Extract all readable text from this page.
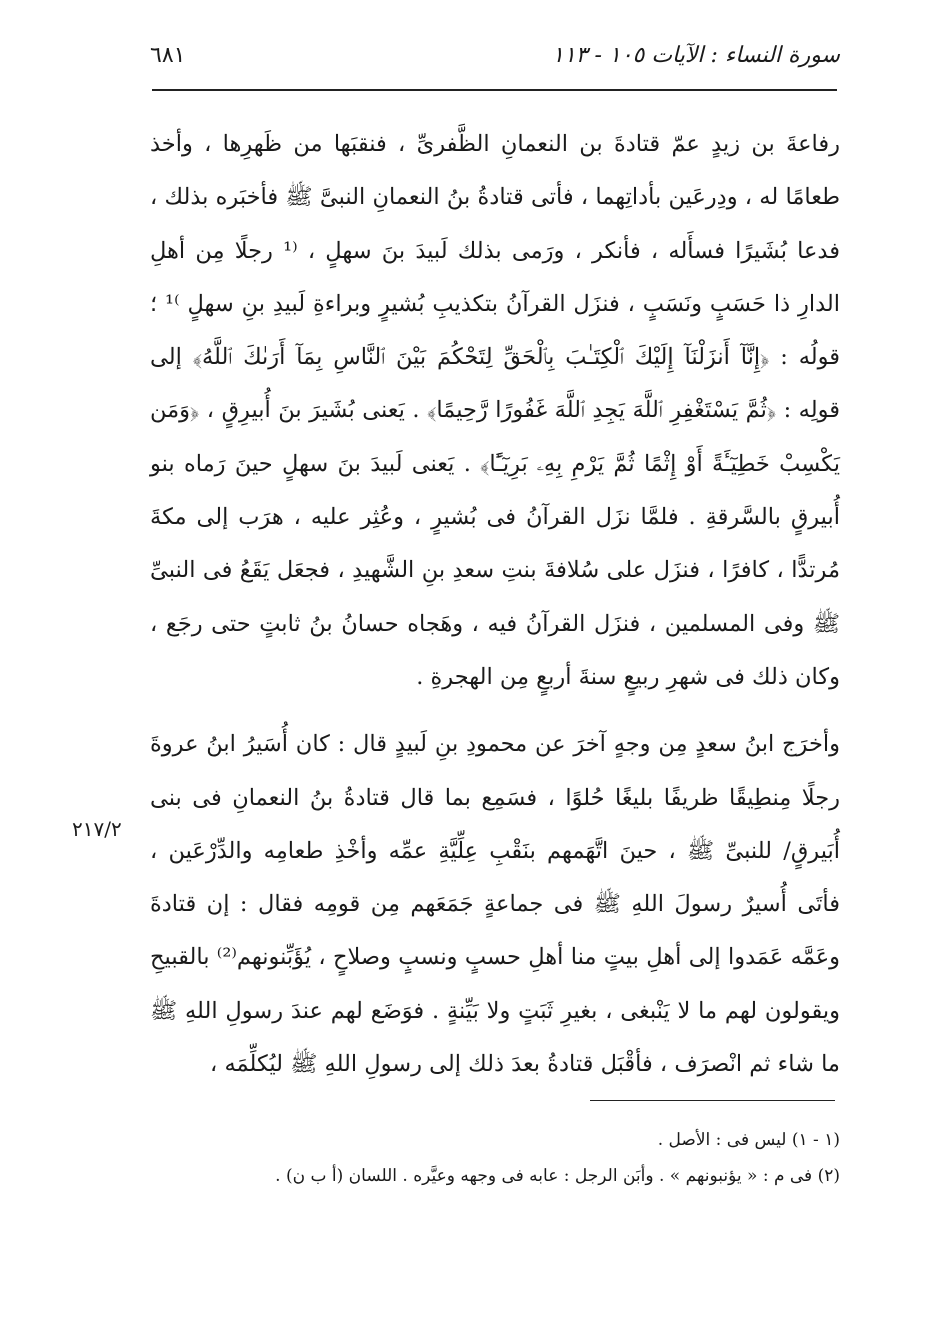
٦٨١	سورة النساء : الآيات ١٠٥ - ١١٣

رفاعةَ بن زيدٍ عمّ قتادةَ بن النعمانِ الظَّفرىِّ ، فنقبَها من ظَهرِها ، وأخذ طعامًا له ، ودِرعَين بأداتِهما ، فأتى قتادةُ بنُ النعمانِ النبىَّ ﷺ فأخبَره بذلك ، فدعا بُشَيرًا فسأَله ، فأنكر ، ورَمى بذلك لَبيدَ بنَ سهلٍ ، ⁽¹ رجلًا مِن أهلِ الدارِ ذا حَسَبٍ ونَسَبٍ ، فنزَل القرآنُ بتكذيبِ بُشيرٍ وبراءةِ لَبيدِ بنِ سهلٍ ⁾¹ ؛ قولُه : ﴿إِنَّآ أَنزَلْنَآ إِلَيْكَ ٱلْكِتَـٰبَ بِٱلْحَقِّ لِتَحْكُمَ بَيْنَ ٱلنَّاسِ بِمَآ أَرَىٰكَ ٱللَّهُ﴾ إلى قولِه : ﴿ثُمَّ يَسْتَغْفِرِ ٱللَّهَ يَجِدِ ٱللَّهَ غَفُورًا رَّحِيمًا﴾ . يَعنى بُشَيرَ بنَ أُبيرِقٍ ، ﴿وَمَن يَكْسِبْ خَطِيٓـَٔةً أَوْ إِثْمًا ثُمَّ يَرْمِ بِهِۦ بَرِيٓـًٔا﴾ . يَعنى لَبيدَ بنَ سهلٍ حينَ رَماه بنو أُبيرقٍ بالسَّرقةِ . فلمَّا نزَل القرآنُ فى بُشيرٍ ، وعُثِر عليه ، هرَب إلى مكةَ مُرتدًّا ، كافرًا ، فنزَل على سُلافةَ بنتِ سعدِ بنِ الشَّهيدِ ، فجعَل يَقَعُ فى النبىِّ ﷺ وفى المسلمين ، فنزَل القرآنُ فيه ، وهَجاه حسانُ بنُ ثابتٍ حتى رجَع ، وكان ذلك فى شهرِ ربيعٍ سنةَ أربعٍ مِن الهجرةِ .

وأخرَج ابنُ سعدٍ مِن وجهٍ آخرَ عن محمودِ بنِ لَبيدٍ قال : كان أُسَيرُ ابنُ عروةَ رجلًا مِنطِيقًا ظريفًا بليغًا حُلوًا ، فسَمِع بما قال قتادةُ بنُ النعمانِ فى بنى أُبَيرقٍ/ للنبىِّ ﷺ ، حينَ اتَّهَمهم بنَقْبِ عِلِّيَّةِ عمِّه وأخْذِ طعامِه والدِّرْعَين ، فأتَى أُسيرٌ رسولَ اللهِ ﷺ فى جماعةٍ جَمَعَهم مِن قومِه فقال : إن قتادةَ وعَمَّه عَمَدوا إلى أهلِ بيتٍ منا أهلِ حسبٍ ونسبٍ وصلاحٍ ، يُؤَبِّنونهم⁽²⁾ بالقبيحِ ويقولون لهم ما لا يَنْبغى ، بغيرِ ثَبَتٍ ولا بَيِّنةٍ . فوَضَع لهم عندَ رسولِ اللهِ ﷺ ما شاء ثم انْصرَف ، فأقْبَل قتادةُ بعدَ ذلك إلى رسولِ اللهِ ﷺ ليُكلِّمَه ،

٢١٧/٢
(١ - ١) ليس فى : الأصل .
(٢) فى م : « يؤنبونهم » . وأبَن الرجل : عابه فى وجهه وعيَّره . اللسان (أ ب ن) .
